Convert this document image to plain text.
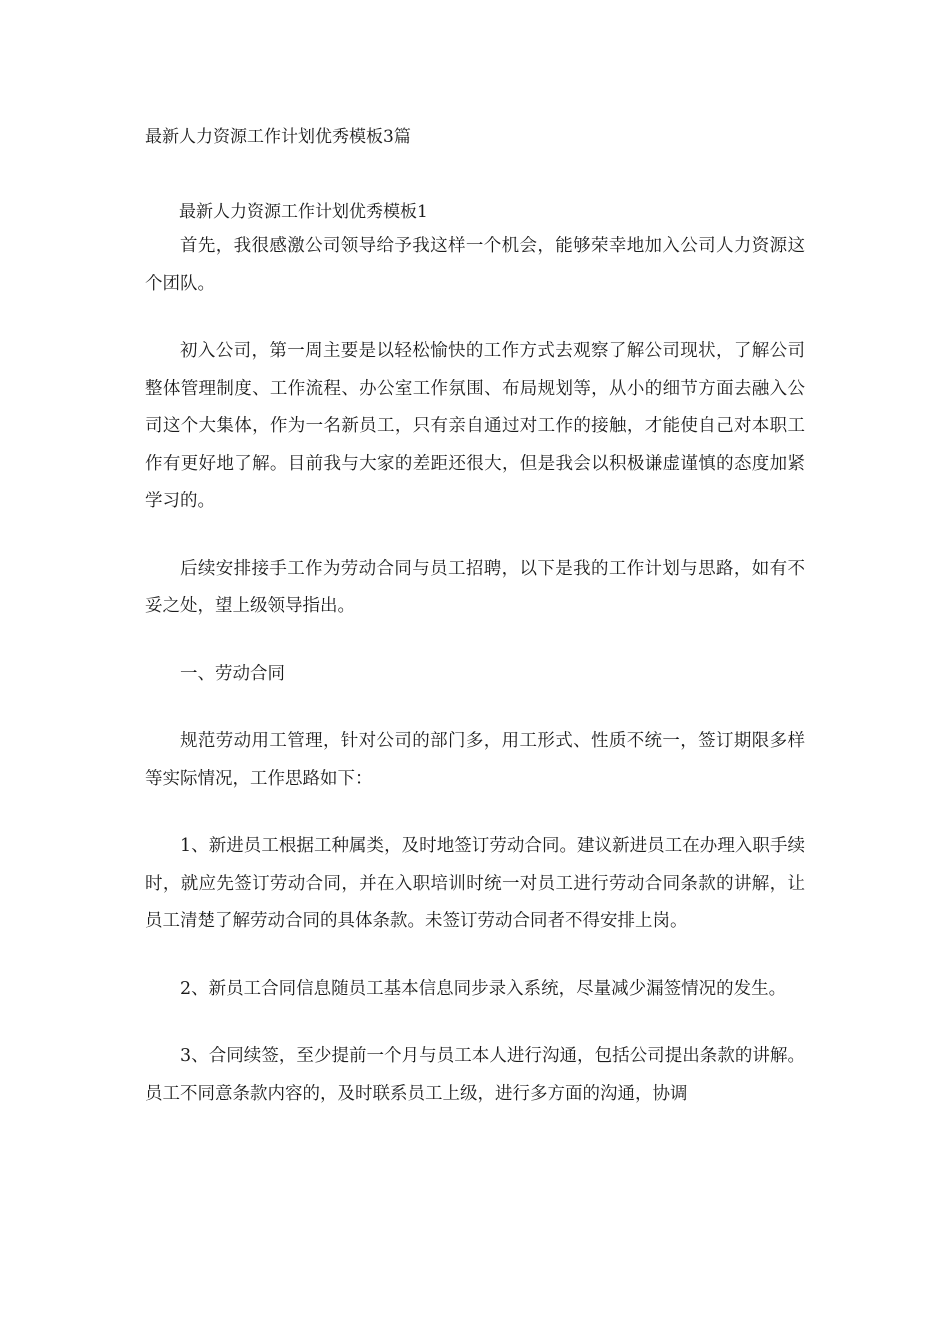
最新人力资源工作计划优秀模板3篇

最新人力资源工作计划优秀模板1

首先，我很感激公司领导给予我这样一个机会，能够荣幸地加入公司人力资源这个团队。

初入公司，第一周主要是以轻松愉快的工作方式去观察了解公司现状，了解公司整体管理制度、工作流程、办公室工作氛围、布局规划等，从小的细节方面去融入公司这个大集体，作为一名新员工，只有亲自通过对工作的接触，才能使自己对本职工作有更好地了解。目前我与大家的差距还很大，但是我会以积极谦虚谨慎的态度加紧学习的。

后续安排接手工作为劳动合同与员工招聘，以下是我的工作计划与思路，如有不妥之处，望上级领导指出。

一、劳动合同

规范劳动用工管理，针对公司的部门多，用工形式、性质不统一，签订期限多样等实际情况，工作思路如下：

1、新进员工根据工种属类，及时地签订劳动合同。建议新进员工在办理入职手续时，就应先签订劳动合同，并在入职培训时统一对员工进行劳动合同条款的讲解，让员工清楚了解劳动合同的具体条款。未签订劳动合同者不得安排上岗。

2、新员工合同信息随员工基本信息同步录入系统，尽量减少漏签情况的发生。

3、合同续签，至少提前一个月与员工本人进行沟通，包括公司提出条款的讲解。员工不同意条款内容的，及时联系员工上级，进行多方面的沟通，协调
